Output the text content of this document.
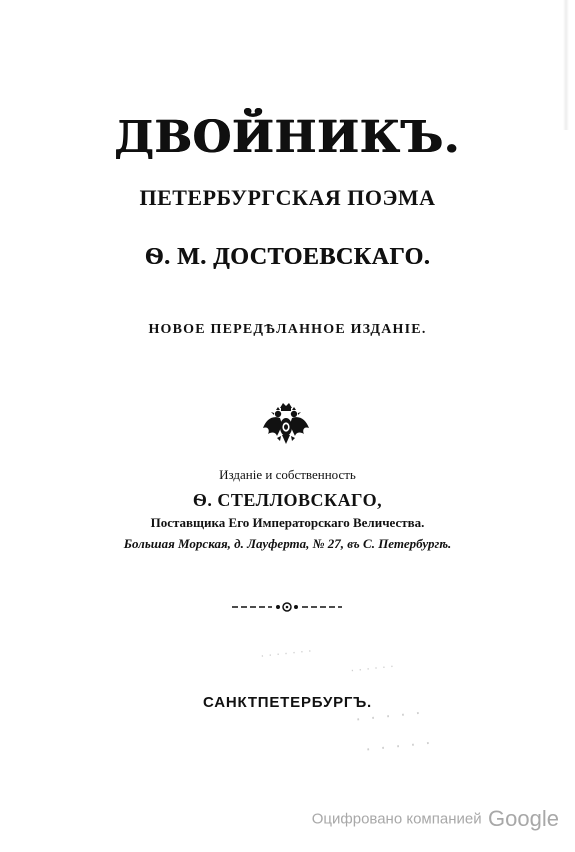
ДВОЙНИКЪ.
ПЕТЕРБУРГСКАЯ ПОЭМА
Ѳ. М. ДОСТОЕВСКАГО.
НОВОЕ ПЕРЕДѢЛАННОЕ ИЗДАНІЕ.
Изданіе и собственность
Ѳ. СТЕЛЛОВСКАГО,
Поставщика Его Императорскаго Величества.
Большая Морская, д. Лауферта, № 27, въ С. Петербургѣ.
· · · · · · ·
· · · · · ·
· · · · ·
· · · · ·
САНКТПЕТЕРБУРГЪ.
Оцифровано компанией Google
